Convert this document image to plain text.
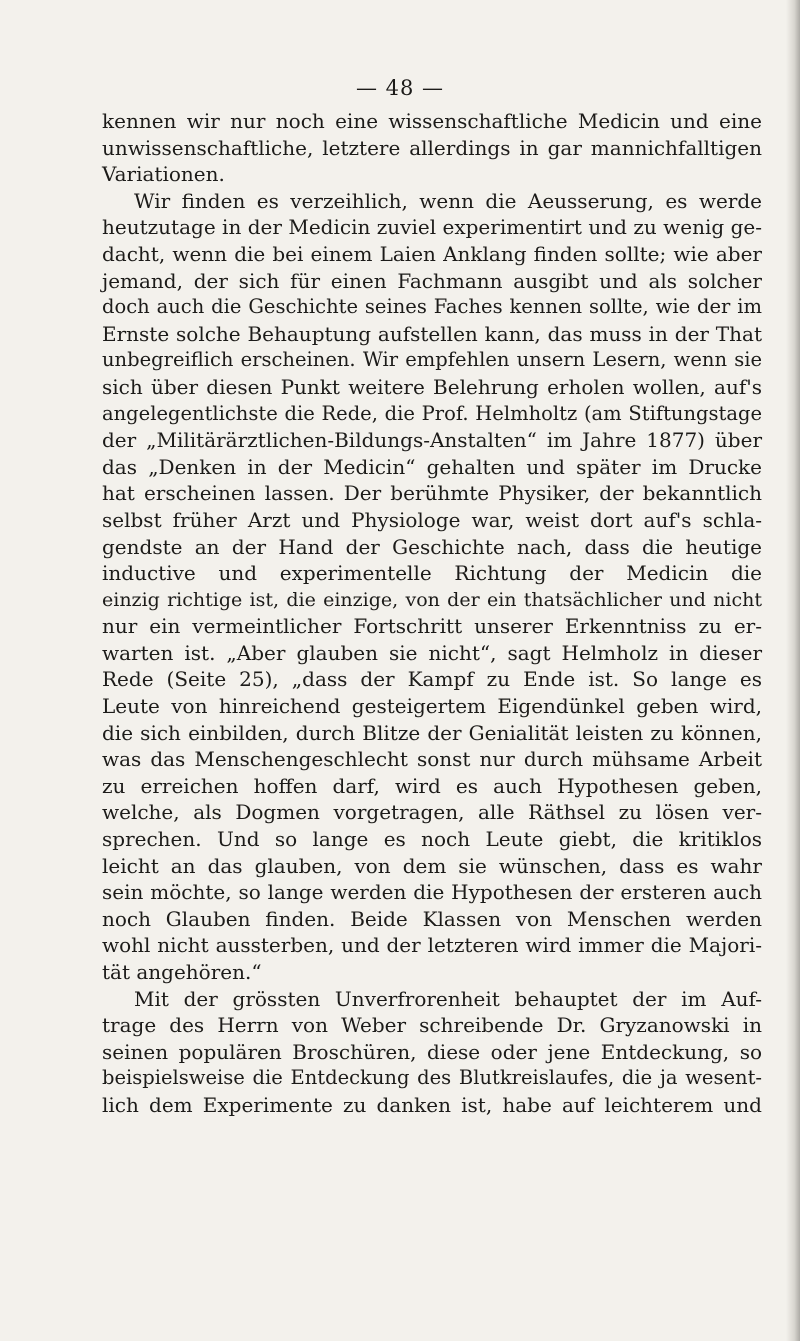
— 48 —
kennen wir nur noch eine wissenschaftliche Medicin und eine
unwissenschaftliche, letztere allerdings in gar mannichfalltigen
Variationen.
Wir finden es verzeihlich, wenn die Aeusserung, es werde
heutzutage in der Medicin zuviel experimentirt und zu wenig ge-
dacht, wenn die bei einem Laien Anklang finden sollte; wie aber
jemand, der sich für einen Fachmann ausgibt und als solcher
doch auch die Geschichte seines Faches kennen sollte, wie der im
Ernste solche Behauptung aufstellen kann, das muss in der That
unbegreiflich erscheinen. Wir empfehlen unsern Lesern, wenn sie
sich über diesen Punkt weitere Belehrung erholen wollen, auf's
angelegentlichste die Rede, die Prof. Helmholtz (am Stiftungstage
der „Militärärztlichen-Bildungs-Anstalten“ im Jahre 1877) über
das „Denken in der Medicin“ gehalten und später im Drucke
hat erscheinen lassen. Der berühmte Physiker, der bekanntlich
selbst früher Arzt und Physiologe war, weist dort auf's schla-
gendste an der Hand der Geschichte nach, dass die heutige
inductive und experimentelle Richtung der Medicin die
einzig richtige ist, die einzige, von der ein thatsächlicher und nicht
nur ein vermeintlicher Fortschritt unserer Erkenntniss zu er-
warten ist. „Aber glauben sie nicht“, sagt Helmholz in dieser
Rede (Seite 25), „dass der Kampf zu Ende ist. So lange es
Leute von hinreichend gesteigertem Eigendünkel geben wird,
die sich einbilden, durch Blitze der Genialität leisten zu können,
was das Menschengeschlecht sonst nur durch mühsame Arbeit
zu erreichen hoffen darf, wird es auch Hypothesen geben,
welche, als Dogmen vorgetragen, alle Räthsel zu lösen ver-
sprechen. Und so lange es noch Leute giebt, die kritiklos
leicht an das glauben, von dem sie wünschen, dass es wahr
sein möchte, so lange werden die Hypothesen der ersteren auch
noch Glauben finden. Beide Klassen von Menschen werden
wohl nicht aussterben, und der letzteren wird immer die Majori-
tät angehören.“
Mit der grössten Unverfrorenheit behauptet der im Auf-
trage des Herrn von Weber schreibende Dr. Gryzanowski in
seinen populären Broschüren, diese oder jene Entdeckung, so
beispielsweise die Entdeckung des Blutkreislaufes, die ja wesent-
lich dem Experimente zu danken ist, habe auf leichterem und
